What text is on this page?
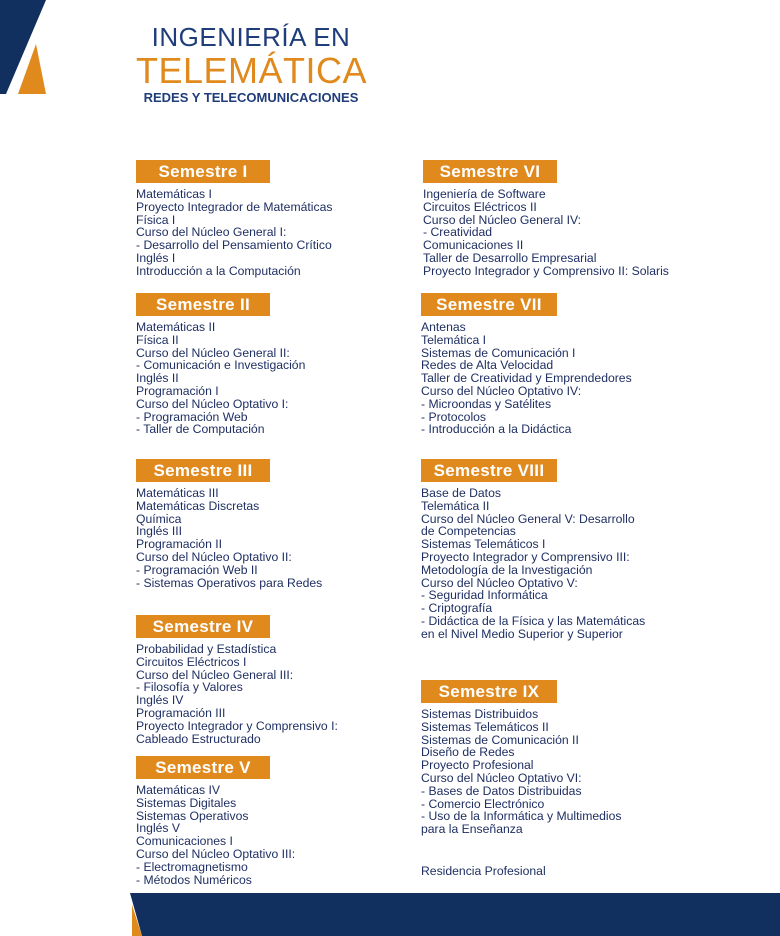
INGENIERÍA EN
TELEMÁTICA
REDES Y TELECOMUNICACIONES
Semestre I
Matemáticas I
Proyecto Integrador de Matemáticas
Física I
Curso del Núcleo General I:
- Desarrollo del Pensamiento Crítico
Inglés I
Introducción a la Computación
Semestre II
Matemáticas II
Física II
Curso del Núcleo General II:
- Comunicación e Investigación
Inglés II
Programación I
Curso del Núcleo Optativo I:
- Programación Web
- Taller de Computación
Semestre III
Matemáticas III
Matemáticas Discretas
Química
Inglés III
Programación II
Curso del Núcleo Optativo II:
- Programación Web II
- Sistemas Operativos para Redes
Semestre IV
Probabilidad y Estadística
Circuitos Eléctricos I
Curso del Núcleo General III:
- Filosofía y Valores
Inglés IV
Programación III
Proyecto Integrador y Comprensivo I:
Cableado Estructurado
Semestre V
Matemáticas IV
Sistemas Digitales
Sistemas Operativos
Inglés V
Comunicaciones I
Curso del Núcleo Optativo III:
- Electromagnetismo
- Métodos Numéricos
Semestre VI
Ingeniería de Software
Circuitos Eléctricos II
Curso del Núcleo General IV:
- Creatividad
Comunicaciones II
Taller de Desarrollo Empresarial
Proyecto Integrador y Comprensivo II: Solaris
Semestre VII
Antenas
Telemática I
Sistemas de Comunicación I
Redes de Alta Velocidad
Taller de Creatividad y Emprendedores
Curso del Núcleo Optativo IV:
- Microondas y Satélites
- Protocolos
- Introducción a la Didáctica
Semestre VIII
Base de Datos
Telemática II
Curso del Núcleo General V: Desarrollo
de Competencias
Sistemas Telemáticos I
Proyecto Integrador y Comprensivo III:
Metodología de la Investigación
Curso del Núcleo Optativo V:
- Seguridad Informática
- Criptografía
- Didáctica de la Física y las Matemáticas
en el Nivel Medio Superior y Superior
Semestre IX
Sistemas Distribuidos
Sistemas Telemáticos II
Sistemas de Comunicación II
Diseño de Redes
Proyecto Profesional
Curso del Núcleo Optativo VI:
- Bases de Datos Distribuidas
- Comercio Electrónico
- Uso de la Informática y Multimedios
para la Enseñanza
Residencia Profesional
